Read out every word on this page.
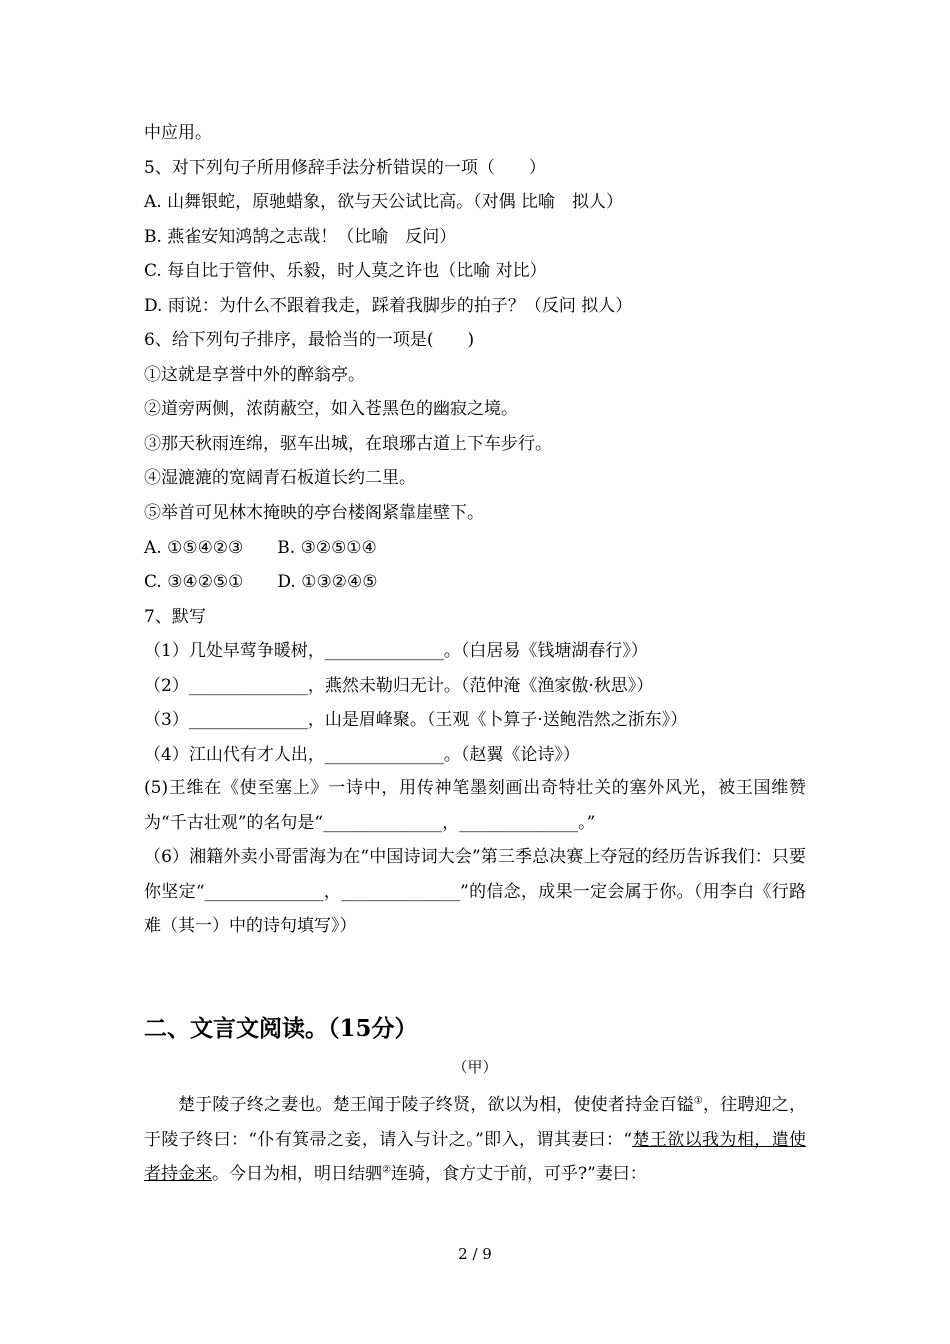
中应用。
5、对下列句子所用修辞手法分析错误的一项（　　）
A. 山舞银蛇，原驰蜡象，欲与天公试比高。（对偶 比喻　拟人）
B. 燕雀安知鸿鹄之志哉！（比喻　反问）
C. 每自比于管仲、乐毅，时人莫之许也（比喻 对比）
D. 雨说：为什么不跟着我走，踩着我脚步的拍子？（反问 拟人）
6、给下列句子排序，最恰当的一项是(　　)
①这就是享誉中外的醉翁亭。
②道旁两侧，浓荫蔽空，如入苍黑色的幽寂之境。
③那天秋雨连绵，驱车出城，在琅琊古道上下车步行。
④湿漉漉的宽阔青石板道长约二里。
⑤举首可见林木掩映的亭台楼阁紧靠崖壁下。
A. ①⑤④②③　　B. ③②⑤①④
C. ③④②⑤①　　D. ①③②④⑤
7、默写
（1）几处早莺争暖树，______________。（白居易《钱塘湖春行》）
（2）______________，燕然未勒归无计。（范仲淹《渔家傲·秋思》）
（3）______________，山是眉峰聚。（王观《卜算子·送鲍浩然之浙东》）
（4）江山代有才人出，______________。（赵翼《论诗》）
(5)王维在《使至塞上》一诗中，用传神笔墨刻画出奇特壮关的塞外风光，被王国维赞为“千古壮观”的名句是“______________，______________。”
（6）湘籍外卖小哥雷海为在“中国诗词大会”第三季总决赛上夺冠的经历告诉我们：只要你坚定“______________，______________”的信念，成果一定会属于你。（用李白《行路难（其一）中的诗句填写》）
二、文言文阅读。（15分）
（甲）
楚于陵子终之妻也。楚王闻于陵子终贤，欲以为相，使使者持金百镒①，往聘迎之，于陵子终曰：“仆有箕帚之妾，请入与计之。”即入，谓其妻曰：“楚王欲以我为相，遣使者持金来。今日为相，明日结驷②连骑，食方丈于前，可乎?”妻曰：
2 / 9
